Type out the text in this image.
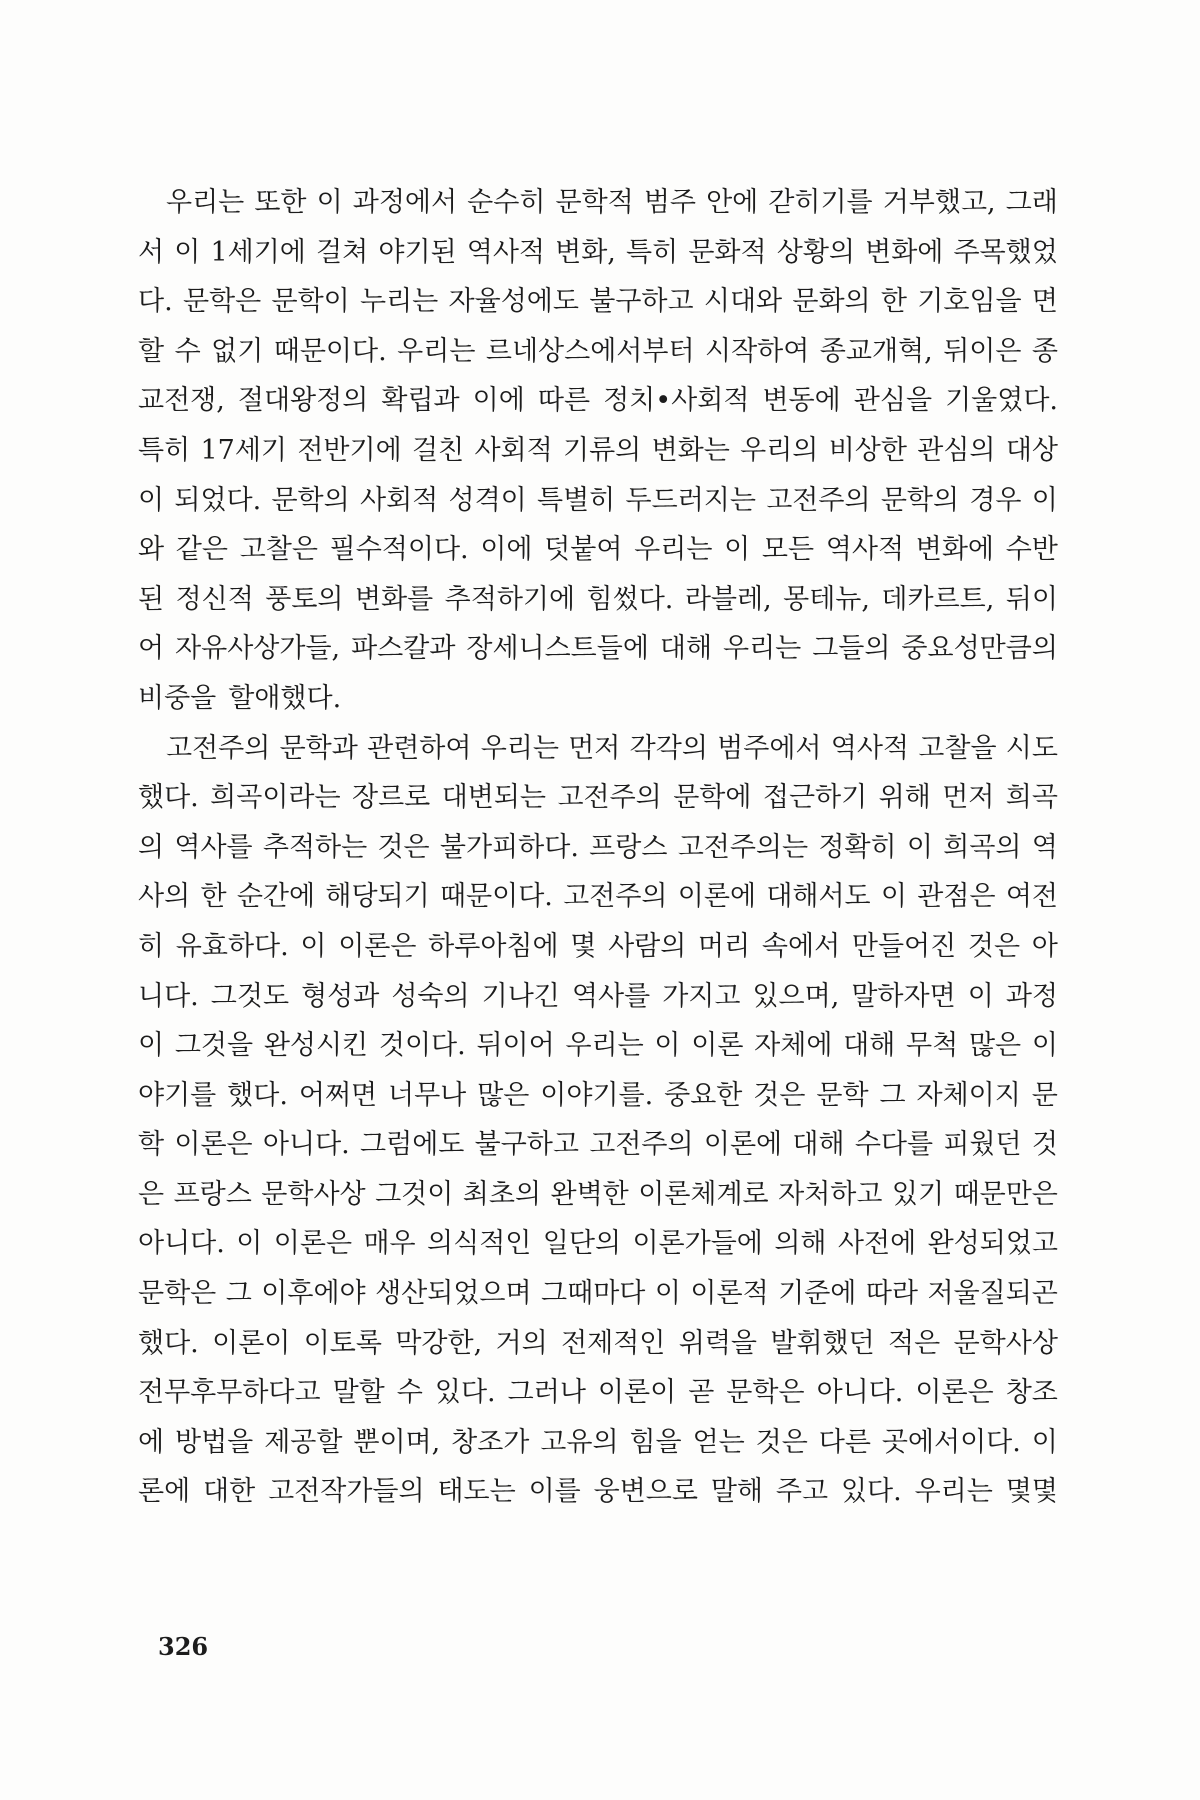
우리는 또한 이 과정에서 순수히 문학적 범주 안에 갇히기를 거부했고, 그래
서 이 1세기에 걸쳐 야기된 역사적 변화, 특히 문화적 상황의 변화에 주목했었
다. 문학은 문학이 누리는 자율성에도 불구하고 시대와 문화의 한 기호임을 면
할 수 없기 때문이다. 우리는 르네상스에서부터 시작하여 종교개혁, 뒤이은 종
교전쟁, 절대왕정의 확립과 이에 따른 정치•사회적 변동에 관심을 기울였다.
특히 17세기 전반기에 걸친 사회적 기류의 변화는 우리의 비상한 관심의 대상
이 되었다. 문학의 사회적 성격이 특별히 두드러지는 고전주의 문학의 경우 이
와 같은 고찰은 필수적이다. 이에 덧붙여 우리는 이 모든 역사적 변화에 수반
된 정신적 풍토의 변화를 추적하기에 힘썼다. 라블레, 몽테뉴, 데카르트, 뒤이
어 자유사상가들, 파스칼과 장세니스트들에 대해 우리는 그들의 중요성만큼의
비중을 할애했다.
고전주의 문학과 관련하여 우리는 먼저 각각의 범주에서 역사적 고찰을 시도
했다. 희곡이라는 장르로 대변되는 고전주의 문학에 접근하기 위해 먼저 희곡
의 역사를 추적하는 것은 불가피하다. 프랑스 고전주의는 정확히 이 희곡의 역
사의 한 순간에 해당되기 때문이다. 고전주의 이론에 대해서도 이 관점은 여전
히 유효하다. 이 이론은 하루아침에 몇 사람의 머리 속에서 만들어진 것은 아
니다. 그것도 형성과 성숙의 기나긴 역사를 가지고 있으며, 말하자면 이 과정
이 그것을 완성시킨 것이다. 뒤이어 우리는 이 이론 자체에 대해 무척 많은 이
야기를 했다. 어쩌면 너무나 많은 이야기를. 중요한 것은 문학 그 자체이지 문
학 이론은 아니다. 그럼에도 불구하고 고전주의 이론에 대해 수다를 피웠던 것
은 프랑스 문학사상 그것이 최초의 완벽한 이론체계로 자처하고 있기 때문만은
아니다. 이 이론은 매우 의식적인 일단의 이론가들에 의해 사전에 완성되었고
문학은 그 이후에야 생산되었으며 그때마다 이 이론적 기준에 따라 저울질되곤
했다. 이론이 이토록 막강한, 거의 전제적인 위력을 발휘했던 적은 문학사상
전무후무하다고 말할 수 있다. 그러나 이론이 곧 문학은 아니다. 이론은 창조
에 방법을 제공할 뿐이며, 창조가 고유의 힘을 얻는 것은 다른 곳에서이다. 이
론에 대한 고전작가들의 태도는 이를 웅변으로 말해 주고 있다. 우리는 몇몇
326
